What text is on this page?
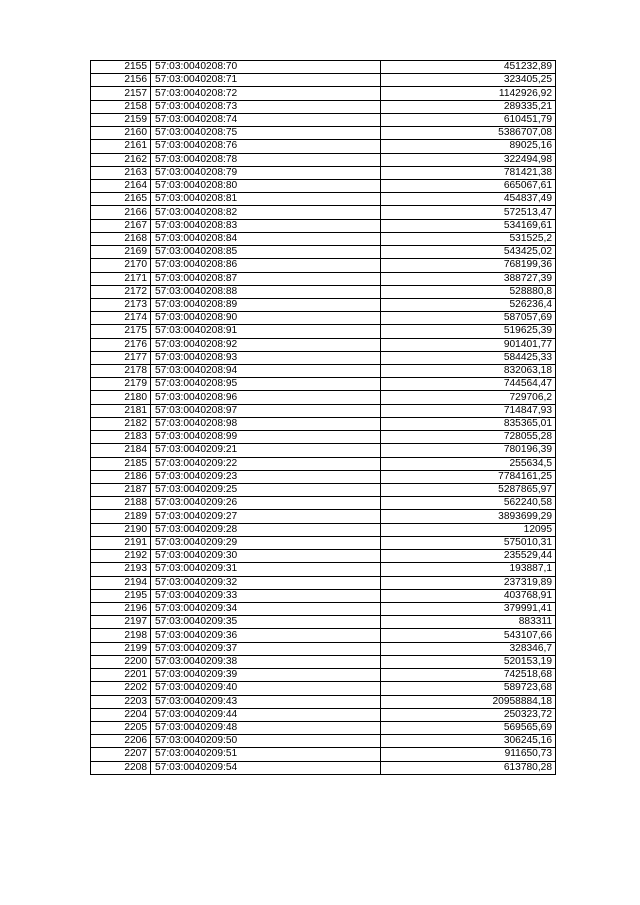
2155	57:03:0040208:70	451232,89
2156	57:03:0040208:71	323405,25
2157	57:03:0040208:72	1142926,92
2158	57:03:0040208:73	289335,21
2159	57:03:0040208:74	610451,79
2160	57:03:0040208:75	5386707,08
2161	57:03:0040208:76	89025,16
2162	57:03:0040208:78	322494,98
2163	57:03:0040208:79	781421,38
2164	57:03:0040208:80	665067,61
2165	57:03:0040208:81	454837,49
2166	57:03:0040208:82	572513,47
2167	57:03:0040208:83	534169,61
2168	57:03:0040208:84	531525,2
2169	57:03:0040208:85	543425,02
2170	57:03:0040208:86	768199,36
2171	57:03:0040208:87	388727,39
2172	57:03:0040208:88	528880,8
2173	57:03:0040208:89	526236,4
2174	57:03:0040208:90	587057,69
2175	57:03:0040208:91	519625,39
2176	57:03:0040208:92	901401,77
2177	57:03:0040208:93	584425,33
2178	57:03:0040208:94	832063,18
2179	57:03:0040208:95	744564,47
2180	57:03:0040208:96	729706,2
2181	57:03:0040208:97	714847,93
2182	57:03:0040208:98	835365,01
2183	57:03:0040208:99	728055,28
2184	57:03:0040209:21	780196,39
2185	57:03:0040209:22	255634,5
2186	57:03:0040209:23	7784161,25
2187	57:03:0040209:25	5287865,97
2188	57:03:0040209:26	562240,58
2189	57:03:0040209:27	3893699,29
2190	57:03:0040209:28	12095
2191	57:03:0040209:29	575010,31
2192	57:03:0040209:30	235529,44
2193	57:03:0040209:31	193887,1
2194	57:03:0040209:32	237319,89
2195	57:03:0040209:33	403768,91
2196	57:03:0040209:34	379991,41
2197	57:03:0040209:35	883311
2198	57:03:0040209:36	543107,66
2199	57:03:0040209:37	328346,7
2200	57:03:0040209:38	520153,19
2201	57:03:0040209:39	742518,68
2202	57:03:0040209:40	589723,68
2203	57:03:0040209:43	20958884,18
2204	57:03:0040209:44	250323,72
2205	57:03:0040209:48	569565,69
2206	57:03:0040209:50	306245,16
2207	57:03:0040209:51	911650,73
2208	57:03:0040209:54	613780,28
